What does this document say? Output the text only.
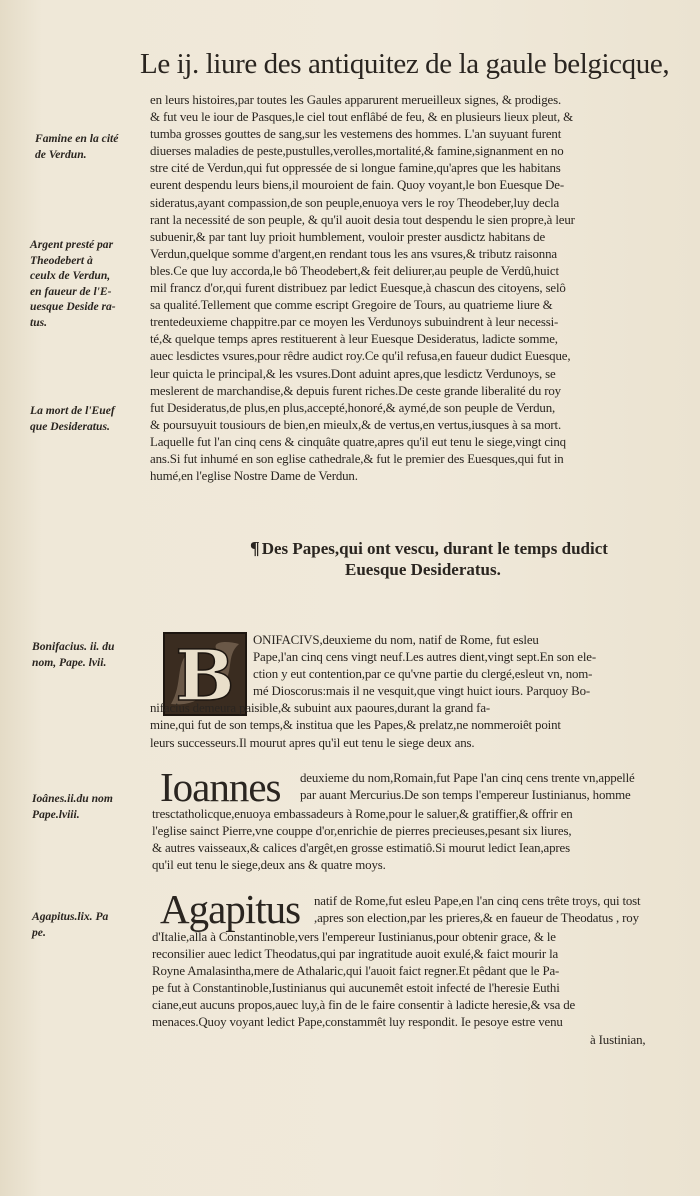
Le ij. liure des antiquitez de la gaule belgicque,
en leurs histoires,par toutes les Gaules apparurent merueilleux signes, & prodiges.
& fut veu le iour de Pasques,le ciel tout enflâbé de feu, & en plusieurs lieux pleut, &
tumba grosses gouttes de sang,sur les vestemens des hommes. L'an suyuant furent
diuerses maladies de peste,pustulles,verolles,mortalité,& famine,signanment en no
stre cité de Verdun,qui fut oppressée de si longue famine,qu'apres que les habitans
eurent despendu leurs biens,il mouroient de fain. Quoy voyant,le bon Euesque De-
sideratus,ayant compassion,de son peuple,enuoya vers le roy Theodeber,luy decla
rant la necessité de son peuple, & qu'il auoit desia tout despendu le sien propre,à leur
subuenir,& par tant luy prioit humblement, vouloir prester ausdictz habitans de
Verdun,quelque somme d'argent,en rendant tous les ans vsures,& tributz raisonna
bles.Ce que luy accorda,le bô Theodebert,& feit deliurer,au peuple de Verdû,huict
mil francz d'or,qui furent distribuez par ledict Euesque,à chascun des citoyens, selô
sa qualité.Tellement que comme escript Gregoire de Tours, au quatrieme liure &
trentedeuxieme chappitre.par ce moyen les Verdunoys subuindrent à leur necessi-
té,& quelque temps apres restituerent à leur Euesque Desideratus, ladicte somme,
auec lesdictes vsures,pour rêdre audict roy.Ce qu'il refusa,en faueur dudict Euesque,
leur quicta le principal,& les vsures.Dont aduint apres,que lesdictz Verdunoys, se
meslerent de marchandise,& depuis furent riches.De ceste grande liberalité du roy
fut Desideratus,de plus,en plus,accepté,honoré,& aymé,de son peuple de Verdun,
& poursuyuit tousiours de bien,en mieulx,& de vertus,en vertus,iusques à sa mort.
Laquelle fut l'an cinq cens & cinquâte quatre,apres qu'il eut tenu le siege,vingt cinq
ans.Si fut inhumé en son eglise cathedrale,& fut le premier des Euesques,qui fut in
humé,en l'eglise Nostre Dame de Verdun.
Famine en la cité
de Verdun.
Argent presté par
Theodebert à
ceulx de Verdun,
en faueur de l'E-
uesque Deside ra-
tus.
La mort de l'Euef
que Desideratus.
Bonifacius. ii. du
nom, Pape. lvii.
Ioânes.ii.du nom
Pape.lviii.
Agapitus.lix. Pa
pe.
¶ Des Papes,qui ont vescu, durant le temps dudict
Euesque Desideratus.
B ONIFACIVS,deuxieme du nom, natif de Rome, fut esleu
Pape,l'an cinq cens vingt neuf.Les autres dient,vingt sept.En son ele-
ction y eut contention,par ce qu'vne partie du clergé,esleut vn, nom-
mé Dioscorus:mais il ne vesquit,que vingt huict iours. Parquoy Bo-
nifacius demeura paisible,& subuint aux paoures,durant la grand fa-
mine,qui fut de son temps,& institua que les Papes,& prelatz,ne nommeroiêt point
leurs successeurs.Il mourut apres qu'il eut tenu le siege deux ans.
Ioannes deuxieme du nom,Romain,fut Pape l'an cinq cens trente vn,appellé
par auant Mercurius.De son temps l'empereur Iustinianus, homme
tresctatholicque,enuoya embassadeurs à Rome,pour le saluer,& gratiffier,& offrir en
l'eglise sainct Pierre,vne couppe d'or,enrichie de pierres precieuses,pesant six liures,
& autres vaisseaux,& calices d'argêt,en grosse estimatiô.Si mourut ledict Iean,apres
qu'il eut tenu le siege,deux ans & quatre moys.
Agapitus natif de Rome,fut esleu Pape,en l'an cinq cens trête troys, qui tost
,apres son election,par les prieres,& en faueur de Theodatus , roy
d'Italie,alla à Constantinoble,vers l'empereur Iustinianus,pour obtenir grace, & le
reconsilier auec ledict Theodatus,qui par ingratitude auoit exulé,& faict mourir la
Royne Amalasintha,mere de Athalaric,qui l'auoit faict regner.Et pêdant que le Pa-
pe fut à Constantinoble,Iustinianus qui aucunemêt estoit infecté de l'heresie Euthi
ciane,eut aucuns propos,auec luy,à fin de le faire consentir à ladicte heresie,& vsa de
menaces.Quoy voyant ledict Pape,constammêt luy respondit. Ie pesoye estre venu
à Iustinian,
